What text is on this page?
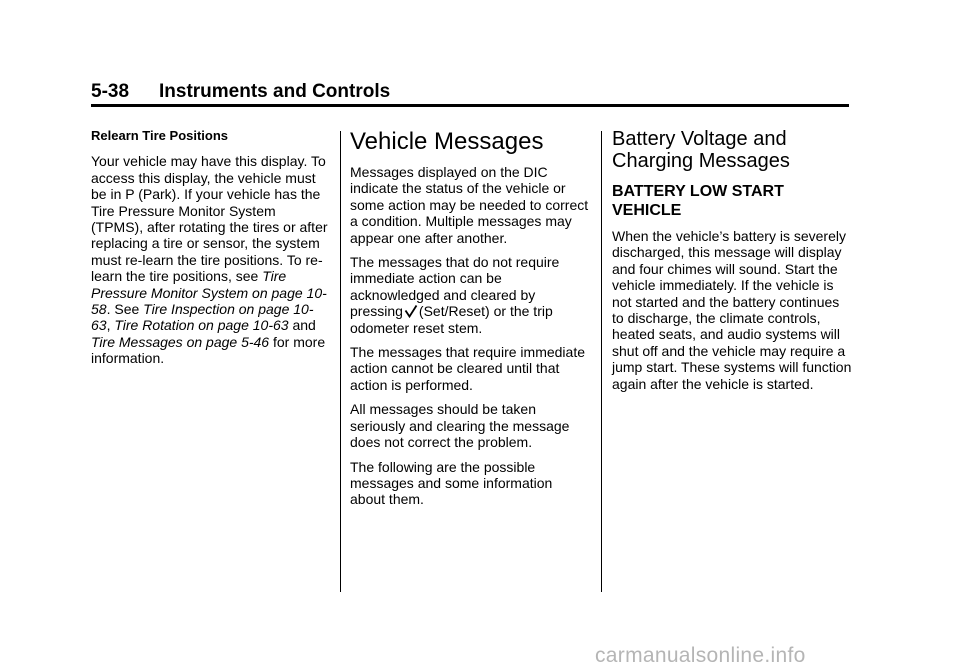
5-38 Instruments and Controls
Relearn Tire Positions

Your vehicle may have this display. To access this display, the vehicle must be in P (Park). If your vehicle has the Tire Pressure Monitor System (TPMS), after rotating the tires or after replacing a tire or sensor, the system must re-learn the tire positions. To re-learn the tire positions, see Tire Pressure Monitor System on page 10-58. See Tire Inspection on page 10-63, Tire Rotation on page 10-63 and Tire Messages on page 5-46 for more information.

Vehicle Messages

Messages displayed on the DIC indicate the status of the vehicle or some action may be needed to correct a condition. Multiple messages may appear one after another.

The messages that do not require immediate action can be acknowledged and cleared by pressing (Set/Reset) or the trip odometer reset stem.

The messages that require immediate action cannot be cleared until that action is performed.

All messages should be taken seriously and clearing the message does not correct the problem.

The following are the possible messages and some information about them.

Battery Voltage and Charging Messages
BATTERY LOW START VEHICLE

When the vehicle’s battery is severely discharged, this message will display and four chimes will sound. Start the vehicle immediately. If the vehicle is not started and the battery continues to discharge, the climate controls, heated seats, and audio systems will shut off and the vehicle may require a jump start. These systems will function again after the vehicle is started.

carmanualsonline.info
